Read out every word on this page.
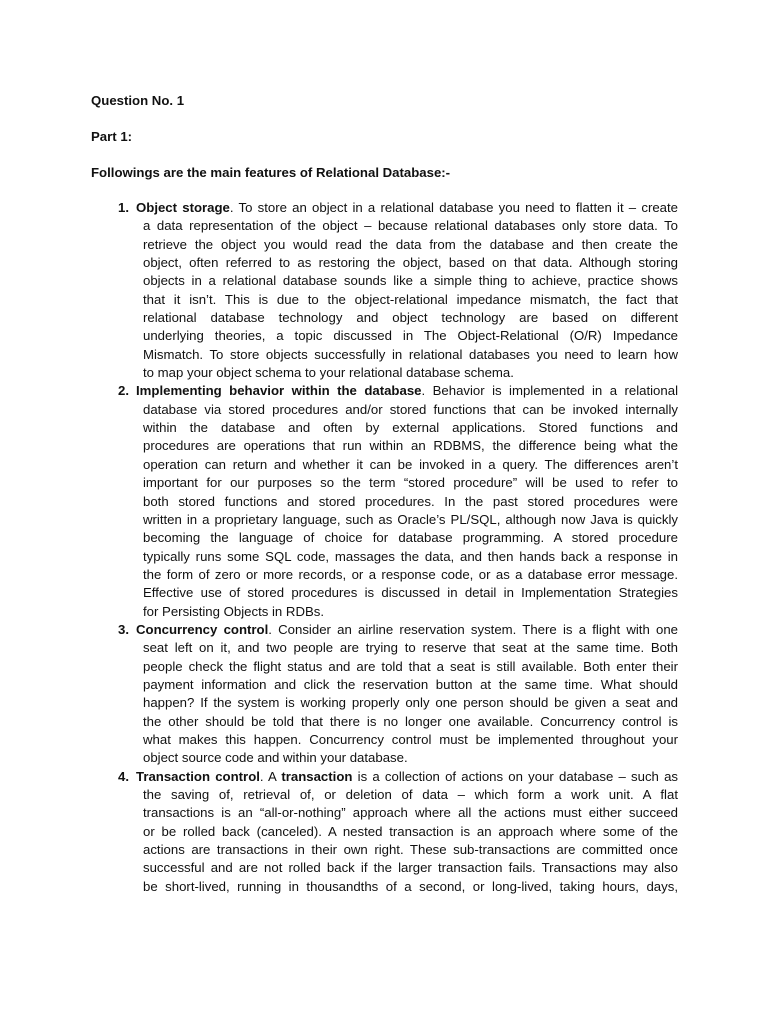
Question No. 1
Part 1:
Followings are the main features of Relational Database:-
1. Object storage. To store an object in a relational database you need to flatten it – create
a data representation of the object – because relational databases only store data. To
retrieve the object you would read the data from the database and then create the
object, often referred to as restoring the object, based on that data. Although storing
objects in a relational database sounds like a simple thing to achieve, practice shows
that it isn’t. This is due to the object-relational impedance mismatch, the fact that
relational database technology and object technology are based on different
underlying theories, a topic discussed in The Object-Relational (O/R) Impedance
Mismatch. To store objects successfully in relational databases you need to learn how
to map your object schema to your relational database schema.
2. Implementing behavior within the database. Behavior is implemented in a relational
database via stored procedures and/or stored functions that can be invoked internally
within the database and often by external applications. Stored functions and
procedures are operations that run within an RDBMS, the difference being what the
operation can return and whether it can be invoked in a query. The differences aren’t
important for our purposes so the term “stored procedure” will be used to refer to
both stored functions and stored procedures. In the past stored procedures were
written in a proprietary language, such as Oracle’s PL/SQL, although now Java is quickly
becoming the language of choice for database programming. A stored procedure
typically runs some SQL code, massages the data, and then hands back a response in
the form of zero or more records, or a response code, or as a database error message.
Effective use of stored procedures is discussed in detail in Implementation Strategies
for Persisting Objects in RDBs.
3. Concurrency control. Consider an airline reservation system. There is a flight with one
seat left on it, and two people are trying to reserve that seat at the same time. Both
people check the flight status and are told that a seat is still available. Both enter their
payment information and click the reservation button at the same time. What should
happen? If the system is working properly only one person should be given a seat and
the other should be told that there is no longer one available. Concurrency control is
what makes this happen. Concurrency control must be implemented throughout your
object source code and within your database.
4. Transaction control. A transaction is a collection of actions on your database – such as
the saving of, retrieval of, or deletion of data – which form a work unit. A flat
transactions is an “all-or-nothing” approach where all the actions must either succeed
or be rolled back (canceled). A nested transaction is an approach where some of the
actions are transactions in their own right. These sub-transactions are committed once
successful and are not rolled back if the larger transaction fails. Transactions may also
be short-lived, running in thousandths of a second, or long-lived, taking hours, days,
